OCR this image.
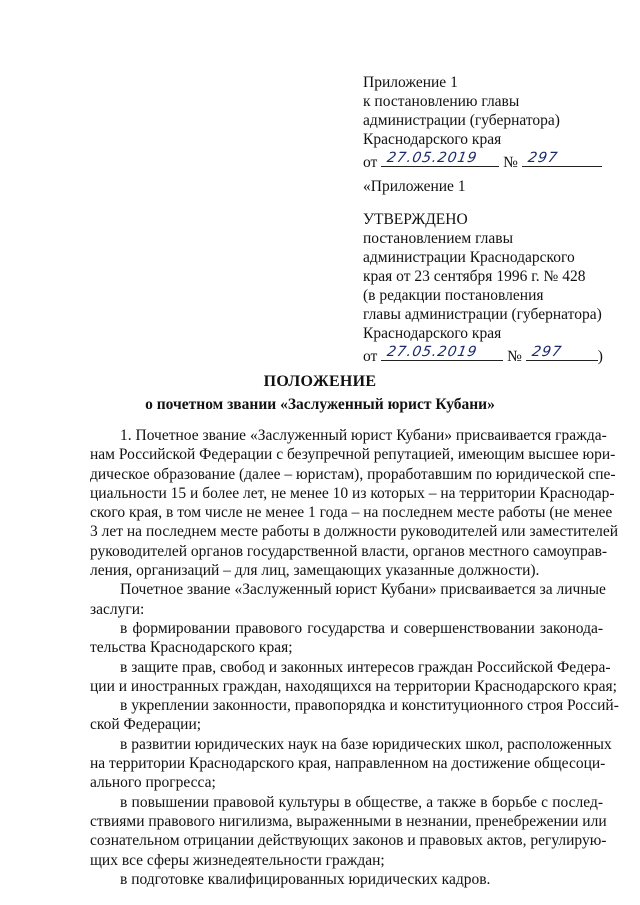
Приложение 1
к постановлению главы
администрации (губернатора)
Краснодарского края
от 27.05.2019 № 297
«Приложение 1
УТВЕРЖДЕНО
постановлением главы
администрации Краснодарского
края от 23 сентября 1996 г. № 428
(в редакции постановления
главы администрации (губернатора)
Краснодарского края
от 27.05.2019 № 297 )
ПОЛОЖЕНИЕ
о почетном звании «Заслуженный юрист Кубани»
1. Почетное звание «Заслуженный юрист Кубани» присваивается гражда-
нам Российской Федерации с безупречной репутацией, имеющим высшее юри-
дическое образование (далее – юристам), проработавшим по юридической спе-
циальности 15 и более лет, не менее 10 из которых – на территории Краснодар-
ского края, в том числе не менее 1 года – на последнем месте работы (не менее
3 лет на последнем месте работы в должности руководителей или заместителей
руководителей органов государственной власти, органов местного самоуправ-
ления, организаций – для лиц, замещающих указанные должности).
Почетное звание «Заслуженный юрист Кубани» присваивается за личные
заслуги:
в формировании правового государства и совершенствовании законода-
тельства Краснодарского края;
в защите прав, свобод и законных интересов граждан Российской Федера-
ции и иностранных граждан, находящихся на территории Краснодарского края;
в укреплении законности, правопорядка и конституционного строя Россий-
ской Федерации;
в развитии юридических наук на базе юридических школ, расположенных
на территории Краснодарского края, направленном на достижение общесоци-
ального прогресса;
в повышении правовой культуры в обществе, а также в борьбе с послед-
ствиями правового нигилизма, выраженными в незнании, пренебрежении или
сознательном отрицании действующих законов и правовых актов, регулирую-
щих все сферы жизнедеятельности граждан;
в подготовке квалифицированных юридических кадров.
